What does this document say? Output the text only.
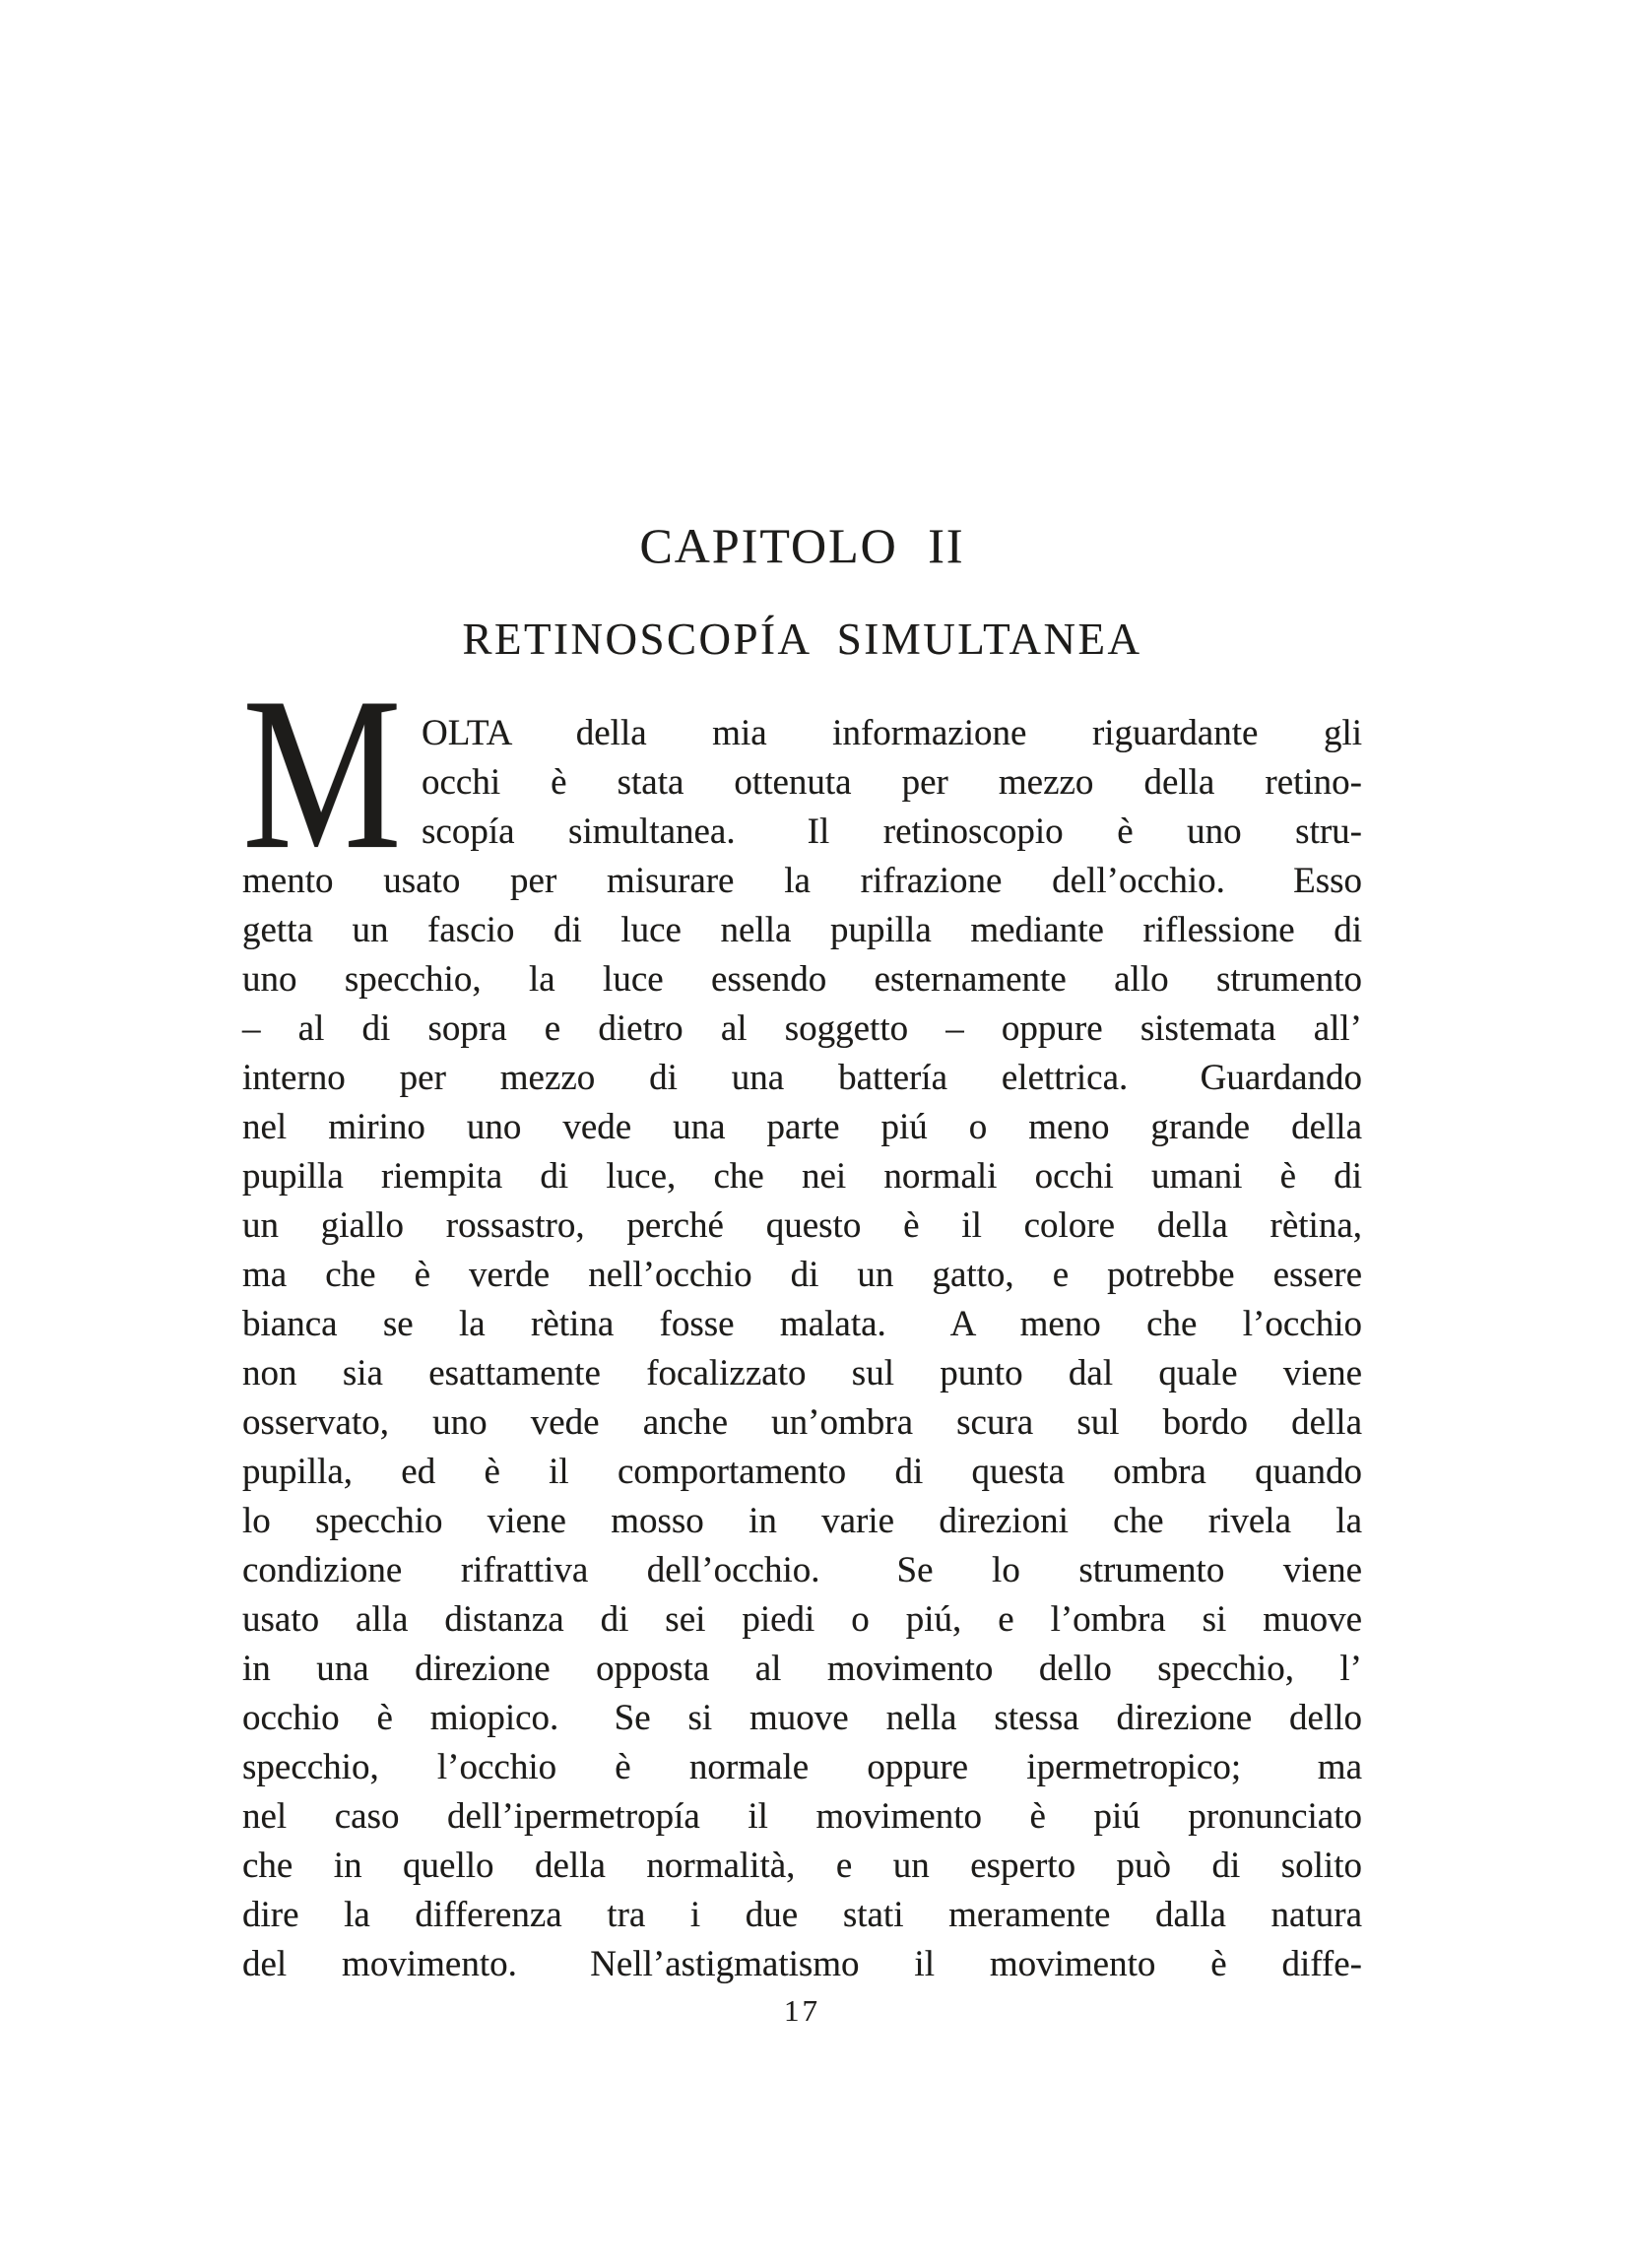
CAPITOLO II
RETINOSCOPÍA SIMULTANEA
M OLTA della mia informazione riguardante gli
occhi è stata ottenuta per mezzo della retino-
scopía simultanea.  Il retinoscopio è uno stru-
mento usato per misurare la rifrazione dell’occhio.  Esso
getta un fascio di luce nella pupilla mediante riflessione di
uno specchio, la luce essendo esternamente allo strumento
– al di sopra e dietro al soggetto – oppure sistemata all’
interno per mezzo di una battería elettrica.  Guardando
nel mirino uno vede una parte piú o meno grande della
pupilla riempita di luce, che nei normali occhi umani è di
un giallo rossastro, perché questo è il colore della rètina,
ma che è verde nell’occhio di un gatto, e potrebbe essere
bianca se la rètina fosse malata.  A meno che l’occhio
non sia esattamente focalizzato sul punto dal quale viene
osservato, uno vede anche un’ombra scura sul bordo della
pupilla, ed è il comportamento di questa ombra quando
lo specchio viene mosso in varie direzioni che rivela la
condizione rifrattiva dell’occhio.  Se lo strumento viene
usato alla distanza di sei piedi o piú, e l’ombra si muove
in una direzione opposta al movimento dello specchio, l’
occhio è miopico.  Se si muove nella stessa direzione dello
specchio, l’occhio è normale oppure ipermetropico;  ma
nel caso dell’ipermetropía il movimento è piú pronunciato
che in quello della normalità, e un esperto può di solito
dire la differenza tra i due stati meramente dalla natura
del movimento.  Nell’astigmatismo il movimento è diffe-
17
